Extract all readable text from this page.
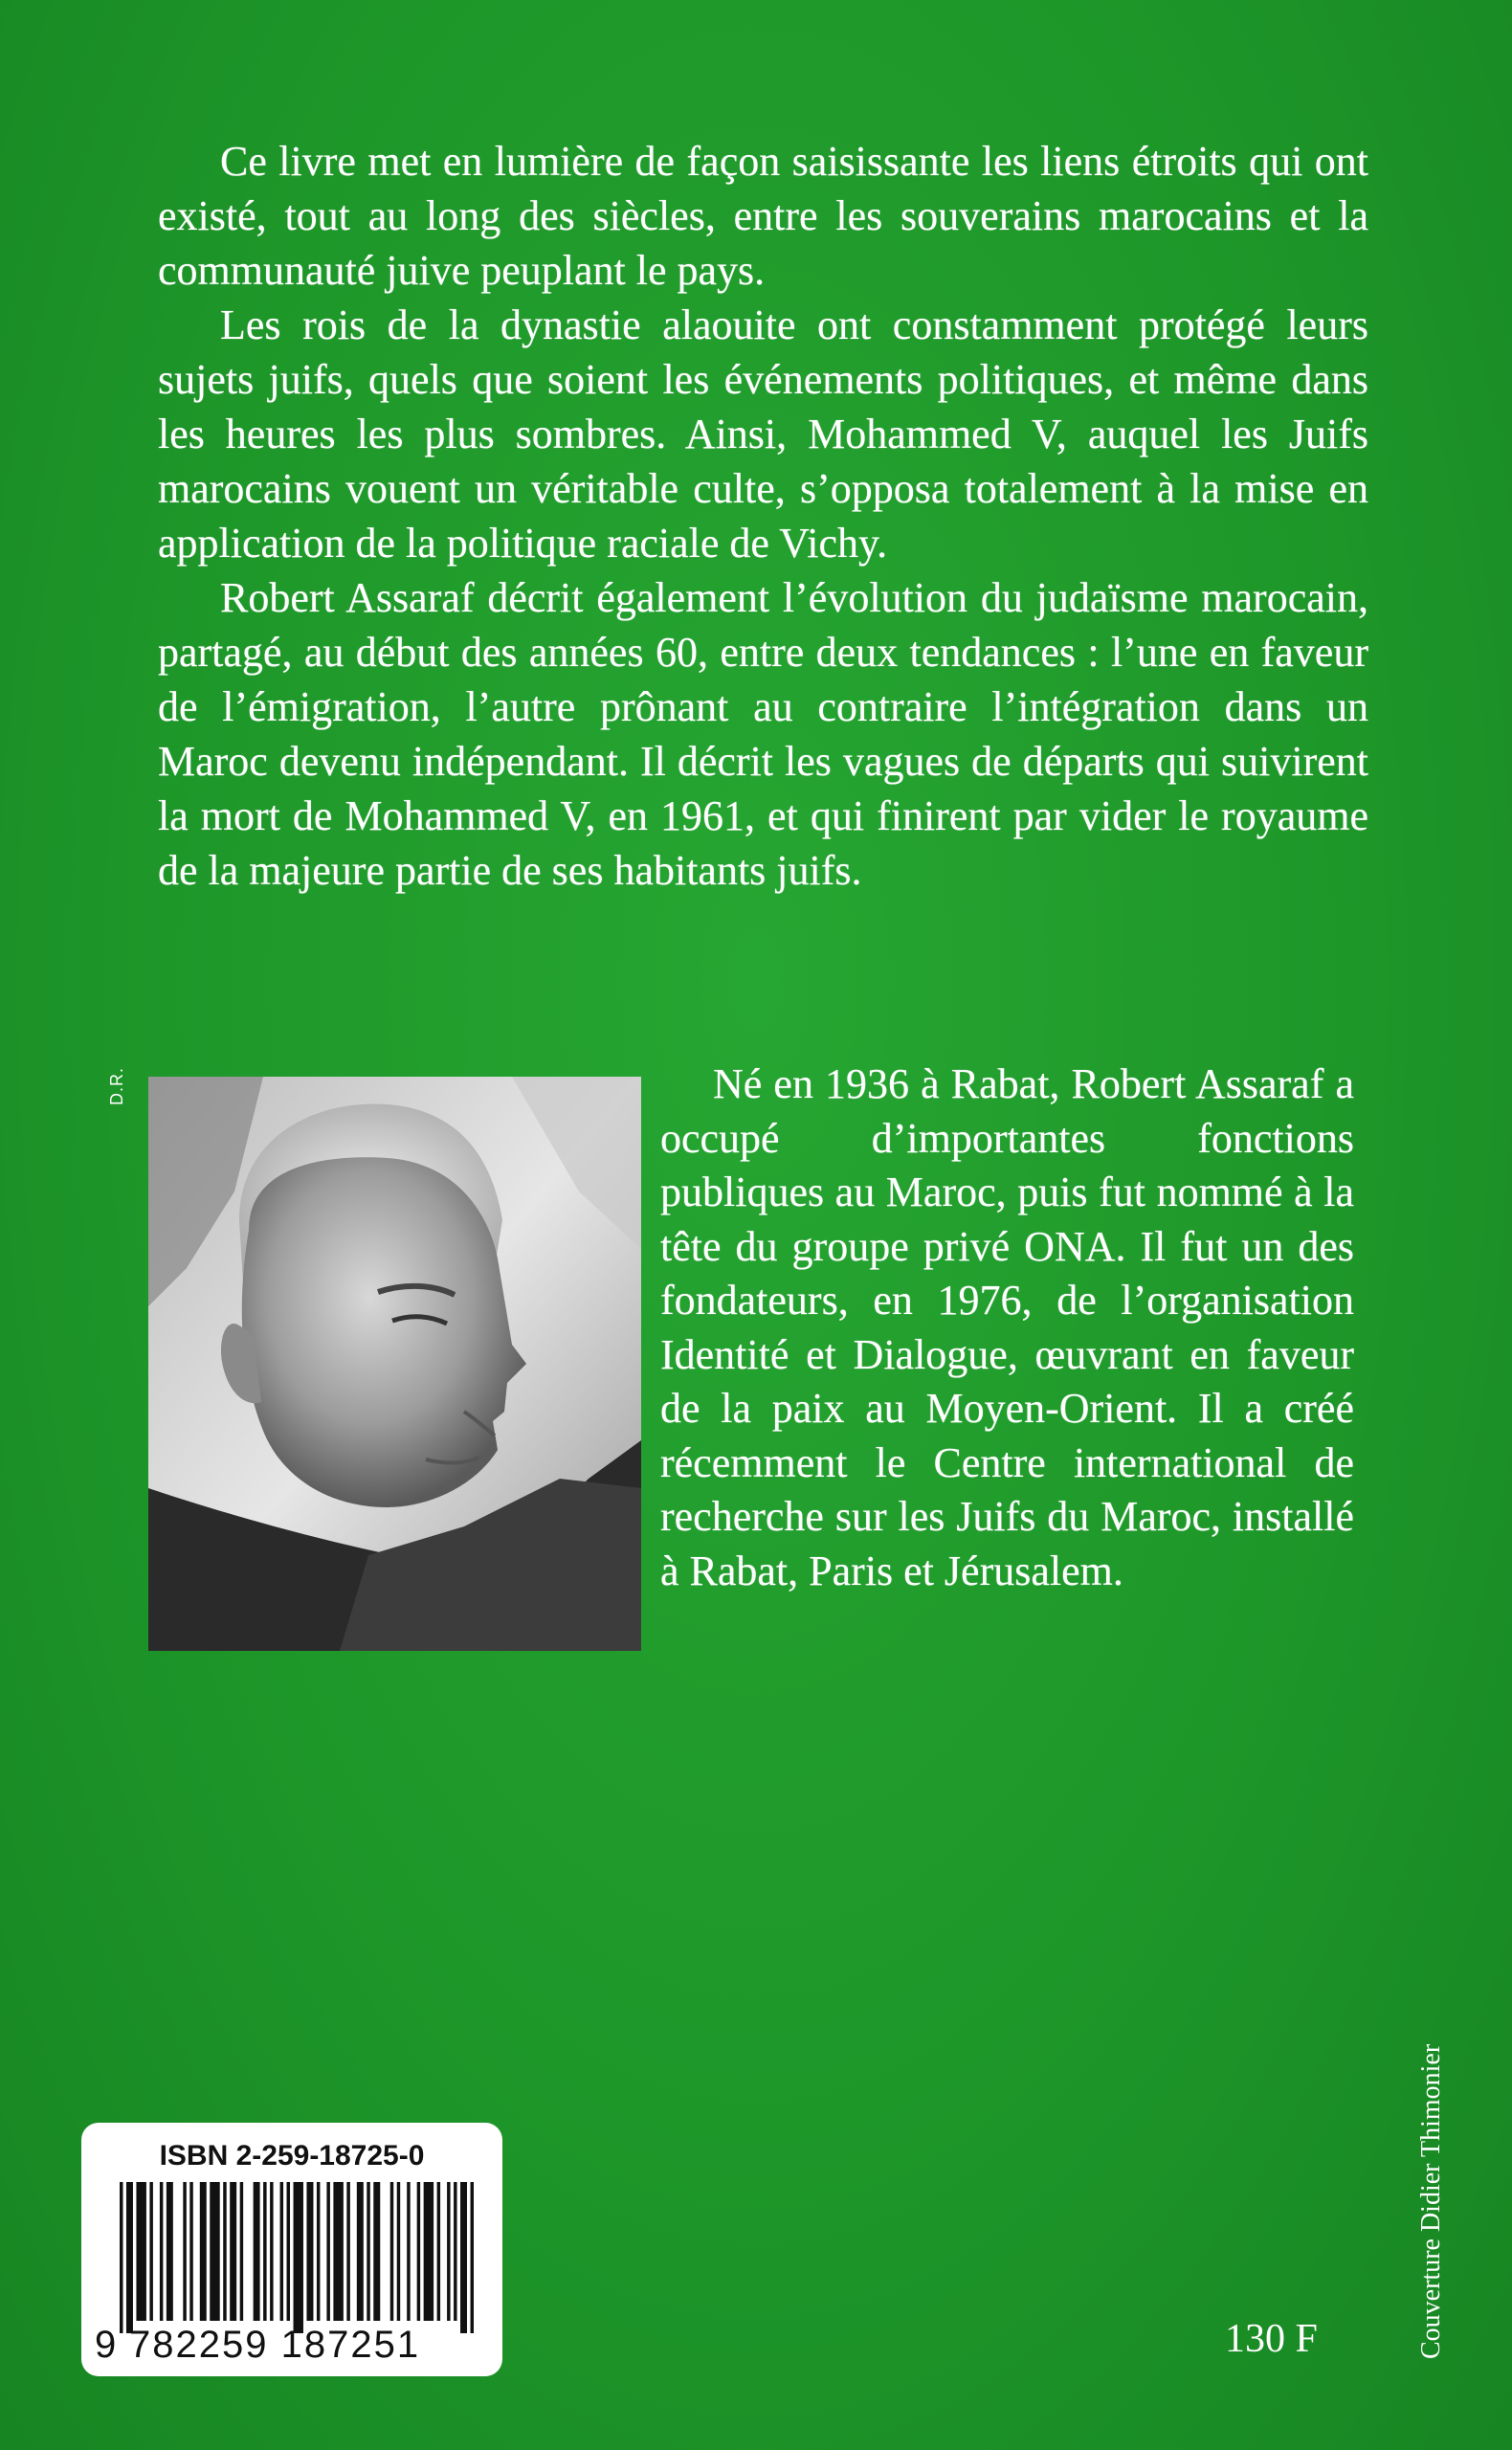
Ce livre met en lumière de façon saisissante les liens étroits qui ont existé, tout au long des siècles, entre les souverains marocains et la communauté juive peuplant le pays.

Les rois de la dynastie alaouite ont constamment protégé leurs sujets juifs, quels que soient les événements politiques, et même dans les heures les plus sombres. Ainsi, Mohammed V, auquel les Juifs marocains vouent un véritable culte, s’opposa totalement à la mise en application de la politique raciale de Vichy.

Robert Assaraf décrit également l’évolution du judaïsme marocain, partagé, au début des années 60, entre deux tendances : l’une en faveur de l’émigration, l’autre prônant au contraire l’intégration dans un Maroc devenu indépendant. Il décrit les vagues de départs qui suivirent la mort de Mohammed V, en 1961, et qui finirent par vider le royaume de la majeure partie de ses habitants juifs.

D.R.	Né en 1936 à Rabat, Robert Assaraf a occupé d’importantes fonctions publiques au Maroc, puis fut nommé à la tête du groupe privé ONA. Il fut un des fondateurs, en 1976, de l’organisation Identité et Dialogue, œuvrant en faveur de la paix au Moyen-Orient. Il a créé récemment le Centre international de recherche sur les Juifs du Maroc, installé à Rabat, Paris et Jérusalem.

ISBN 2-259-18725-0
9 782259 187251	130 F	Couverture Didier Thimonier
